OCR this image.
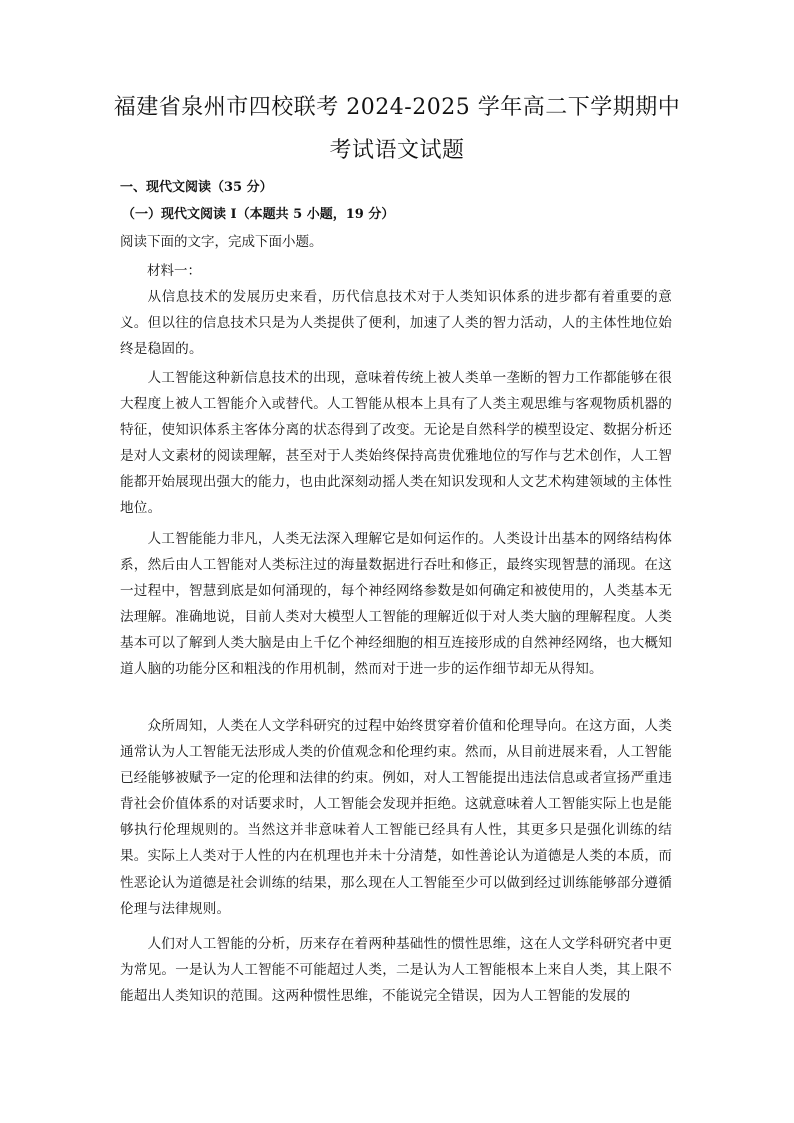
福建省泉州市四校联考 2024-2025 学年高二下学期期中
考试语文试题
一、现代文阅读（35 分）
（一）现代文阅读 I（本题共 5 小题，19 分）
阅读下面的文字，完成下面小题。
材料一：

从信息技术的发展历史来看，历代信息技术对于人类知识体系的进步都有着重要的意义。但以往的信息技术只是为人类提供了便利，加速了人类的智力活动，人的主体性地位始终是稳固的。

人工智能这种新信息技术的出现，意味着传统上被人类单一垄断的智力工作都能够在很大程度上被人工智能介入或替代。人工智能从根本上具有了人类主观思维与客观物质机器的特征，使知识体系主客体分离的状态得到了改变。无论是自然科学的模型设定、数据分析还是对人文素材的阅读理解，甚至对于人类始终保持高贵优雅地位的写作与艺术创作，人工智能都开始展现出强大的能力，也由此深刻动摇人类在知识发现和人文艺术构建领域的主体性地位。

人工智能能力非凡，人类无法深入理解它是如何运作的。人类设计出基本的网络结构体系，然后由人工智能对人类标注过的海量数据进行吞吐和修正，最终实现智慧的涌现。在这一过程中，智慧到底是如何涌现的，每个神经网络参数是如何确定和被使用的，人类基本无法理解。准确地说，目前人类对大模型人工智能的理解近似于对人类大脑的理解程度。人类基本可以了解到人类大脑是由上千亿个神经细胞的相互连接形成的自然神经网络，也大概知道人脑的功能分区和粗浅的作用机制，然而对于进一步的运作细节却无从得知。

众所周知，人类在人文学科研究的过程中始终贯穿着价值和伦理导向。在这方面，人类通常认为人工智能无法形成人类的价值观念和伦理约束。然而，从目前进展来看，人工智能已经能够被赋予一定的伦理和法律的约束。例如，对人工智能提出违法信息或者宣扬严重违背社会价值体系的对话要求时，人工智能会发现并拒绝。这就意味着人工智能实际上也是能够执行伦理规则的。当然这并非意味着人工智能已经具有人性，其更多只是强化训练的结果。实际上人类对于人性的内在机理也并未十分清楚，如性善论认为道德是人类的本质，而性恶论认为道德是社会训练的结果，那么现在人工智能至少可以做到经过训练能够部分遵循伦理与法律规则。

人们对人工智能的分析，历来存在着两种基础性的惯性思维，这在人文学科研究者中更为常见。一是认为人工智能不可能超过人类，二是认为人工智能根本上来自人类，其上限不能超出人类知识的范围。这两种惯性思维，不能说完全错误，因为人工智能的发展的
